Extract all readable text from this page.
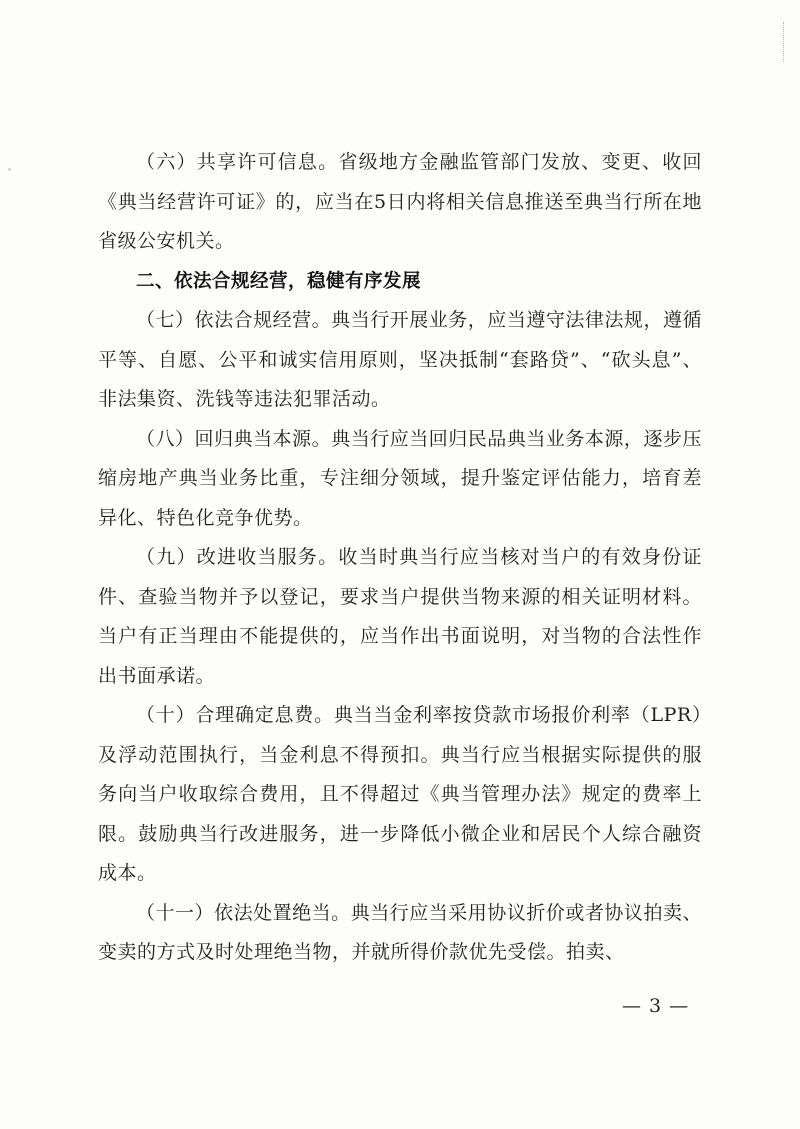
（六）共享许可信息。省级地方金融监管部门发放、变更、收回《典当经营许可证》的，应当在5日内将相关信息推送至典当行所在地省级公安机关。

二、依法合规经营，稳健有序发展

（七）依法合规经营。典当行开展业务，应当遵守法律法规，遵循平等、自愿、公平和诚实信用原则，坚决抵制“套路贷”、“砍头息”、非法集资、洗钱等违法犯罪活动。

（八）回归典当本源。典当行应当回归民品典当业务本源，逐步压缩房地产典当业务比重，专注细分领域，提升鉴定评估能力，培育差异化、特色化竞争优势。

（九）改进收当服务。收当时典当行应当核对当户的有效身份证件、查验当物并予以登记，要求当户提供当物来源的相关证明材料。当户有正当理由不能提供的，应当作出书面说明，对当物的合法性作出书面承诺。

（十）合理确定息费。典当当金利率按贷款市场报价利率（LPR）及浮动范围执行，当金利息不得预扣。典当行应当根据实际提供的服务向当户收取综合费用，且不得超过《典当管理办法》规定的费率上限。鼓励典当行改进服务，进一步降低小微企业和居民个人综合融资成本。

（十一）依法处置绝当。典当行应当采用协议折价或者协议拍卖、变卖的方式及时处理绝当物，并就所得价款优先受偿。拍卖、

— 3 —
